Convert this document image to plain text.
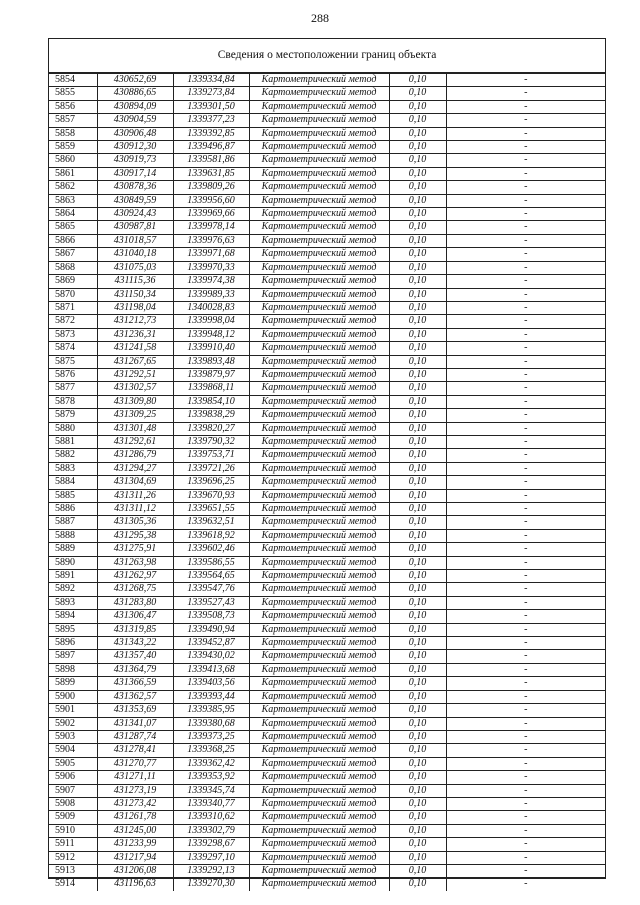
288
Сведения о местоположении границ объекта
5854	430652,69	1339334,84	Картометрический метод	0,10	-
5855	430886,65	1339273,84	Картометрический метод	0,10	-
5856	430894,09	1339301,50	Картометрический метод	0,10	-
5857	430904,59	1339377,23	Картометрический метод	0,10	-
5858	430906,48	1339392,85	Картометрический метод	0,10	-
5859	430912,30	1339496,87	Картометрический метод	0,10	-
5860	430919,73	1339581,86	Картометрический метод	0,10	-
5861	430917,14	1339631,85	Картометрический метод	0,10	-
5862	430878,36	1339809,26	Картометрический метод	0,10	-
5863	430849,59	1339956,60	Картометрический метод	0,10	-
5864	430924,43	1339969,66	Картометрический метод	0,10	-
5865	430987,81	1339978,14	Картометрический метод	0,10	-
5866	431018,57	1339976,63	Картометрический метод	0,10	-
5867	431040,18	1339971,68	Картометрический метод	0,10	-
5868	431075,03	1339970,33	Картометрический метод	0,10	-
5869	431115,36	1339974,38	Картометрический метод	0,10	-
5870	431150,34	1339989,33	Картометрический метод	0,10	-
5871	431198,04	1340028,83	Картометрический метод	0,10	-
5872	431212,73	1339998,04	Картометрический метод	0,10	-
5873	431236,31	1339948,12	Картометрический метод	0,10	-
5874	431241,58	1339910,40	Картометрический метод	0,10	-
5875	431267,65	1339893,48	Картометрический метод	0,10	-
5876	431292,51	1339879,97	Картометрический метод	0,10	-
5877	431302,57	1339868,11	Картометрический метод	0,10	-
5878	431309,80	1339854,10	Картометрический метод	0,10	-
5879	431309,25	1339838,29	Картометрический метод	0,10	-
5880	431301,48	1339820,27	Картометрический метод	0,10	-
5881	431292,61	1339790,32	Картометрический метод	0,10	-
5882	431286,79	1339753,71	Картометрический метод	0,10	-
5883	431294,27	1339721,26	Картометрический метод	0,10	-
5884	431304,69	1339696,25	Картометрический метод	0,10	-
5885	431311,26	1339670,93	Картометрический метод	0,10	-
5886	431311,12	1339651,55	Картометрический метод	0,10	-
5887	431305,36	1339632,51	Картометрический метод	0,10	-
5888	431295,38	1339618,92	Картометрический метод	0,10	-
5889	431275,91	1339602,46	Картометрический метод	0,10	-
5890	431263,98	1339586,55	Картометрический метод	0,10	-
5891	431262,97	1339564,65	Картометрический метод	0,10	-
5892	431268,75	1339547,76	Картометрический метод	0,10	-
5893	431283,80	1339527,43	Картометрический метод	0,10	-
5894	431306,47	1339508,73	Картометрический метод	0,10	-
5895	431319,85	1339490,94	Картометрический метод	0,10	-
5896	431343,22	1339452,87	Картометрический метод	0,10	-
5897	431357,40	1339430,02	Картометрический метод	0,10	-
5898	431364,79	1339413,68	Картометрический метод	0,10	-
5899	431366,59	1339403,56	Картометрический метод	0,10	-
5900	431362,57	1339393,44	Картометрический метод	0,10	-
5901	431353,69	1339385,95	Картометрический метод	0,10	-
5902	431341,07	1339380,68	Картометрический метод	0,10	-
5903	431287,74	1339373,25	Картометрический метод	0,10	-
5904	431278,41	1339368,25	Картометрический метод	0,10	-
5905	431270,77	1339362,42	Картометрический метод	0,10	-
5906	431271,11	1339353,92	Картометрический метод	0,10	-
5907	431273,19	1339345,74	Картометрический метод	0,10	-
5908	431273,42	1339340,77	Картометрический метод	0,10	-
5909	431261,78	1339310,62	Картометрический метод	0,10	-
5910	431245,00	1339302,79	Картометрический метод	0,10	-
5911	431233,99	1339298,67	Картометрический метод	0,10	-
5912	431217,94	1339297,10	Картометрический метод	0,10	-
5913	431206,08	1339292,13	Картометрический метод	0,10	-
5914	431196,63	1339270,30	Картометрический метод	0,10	-
